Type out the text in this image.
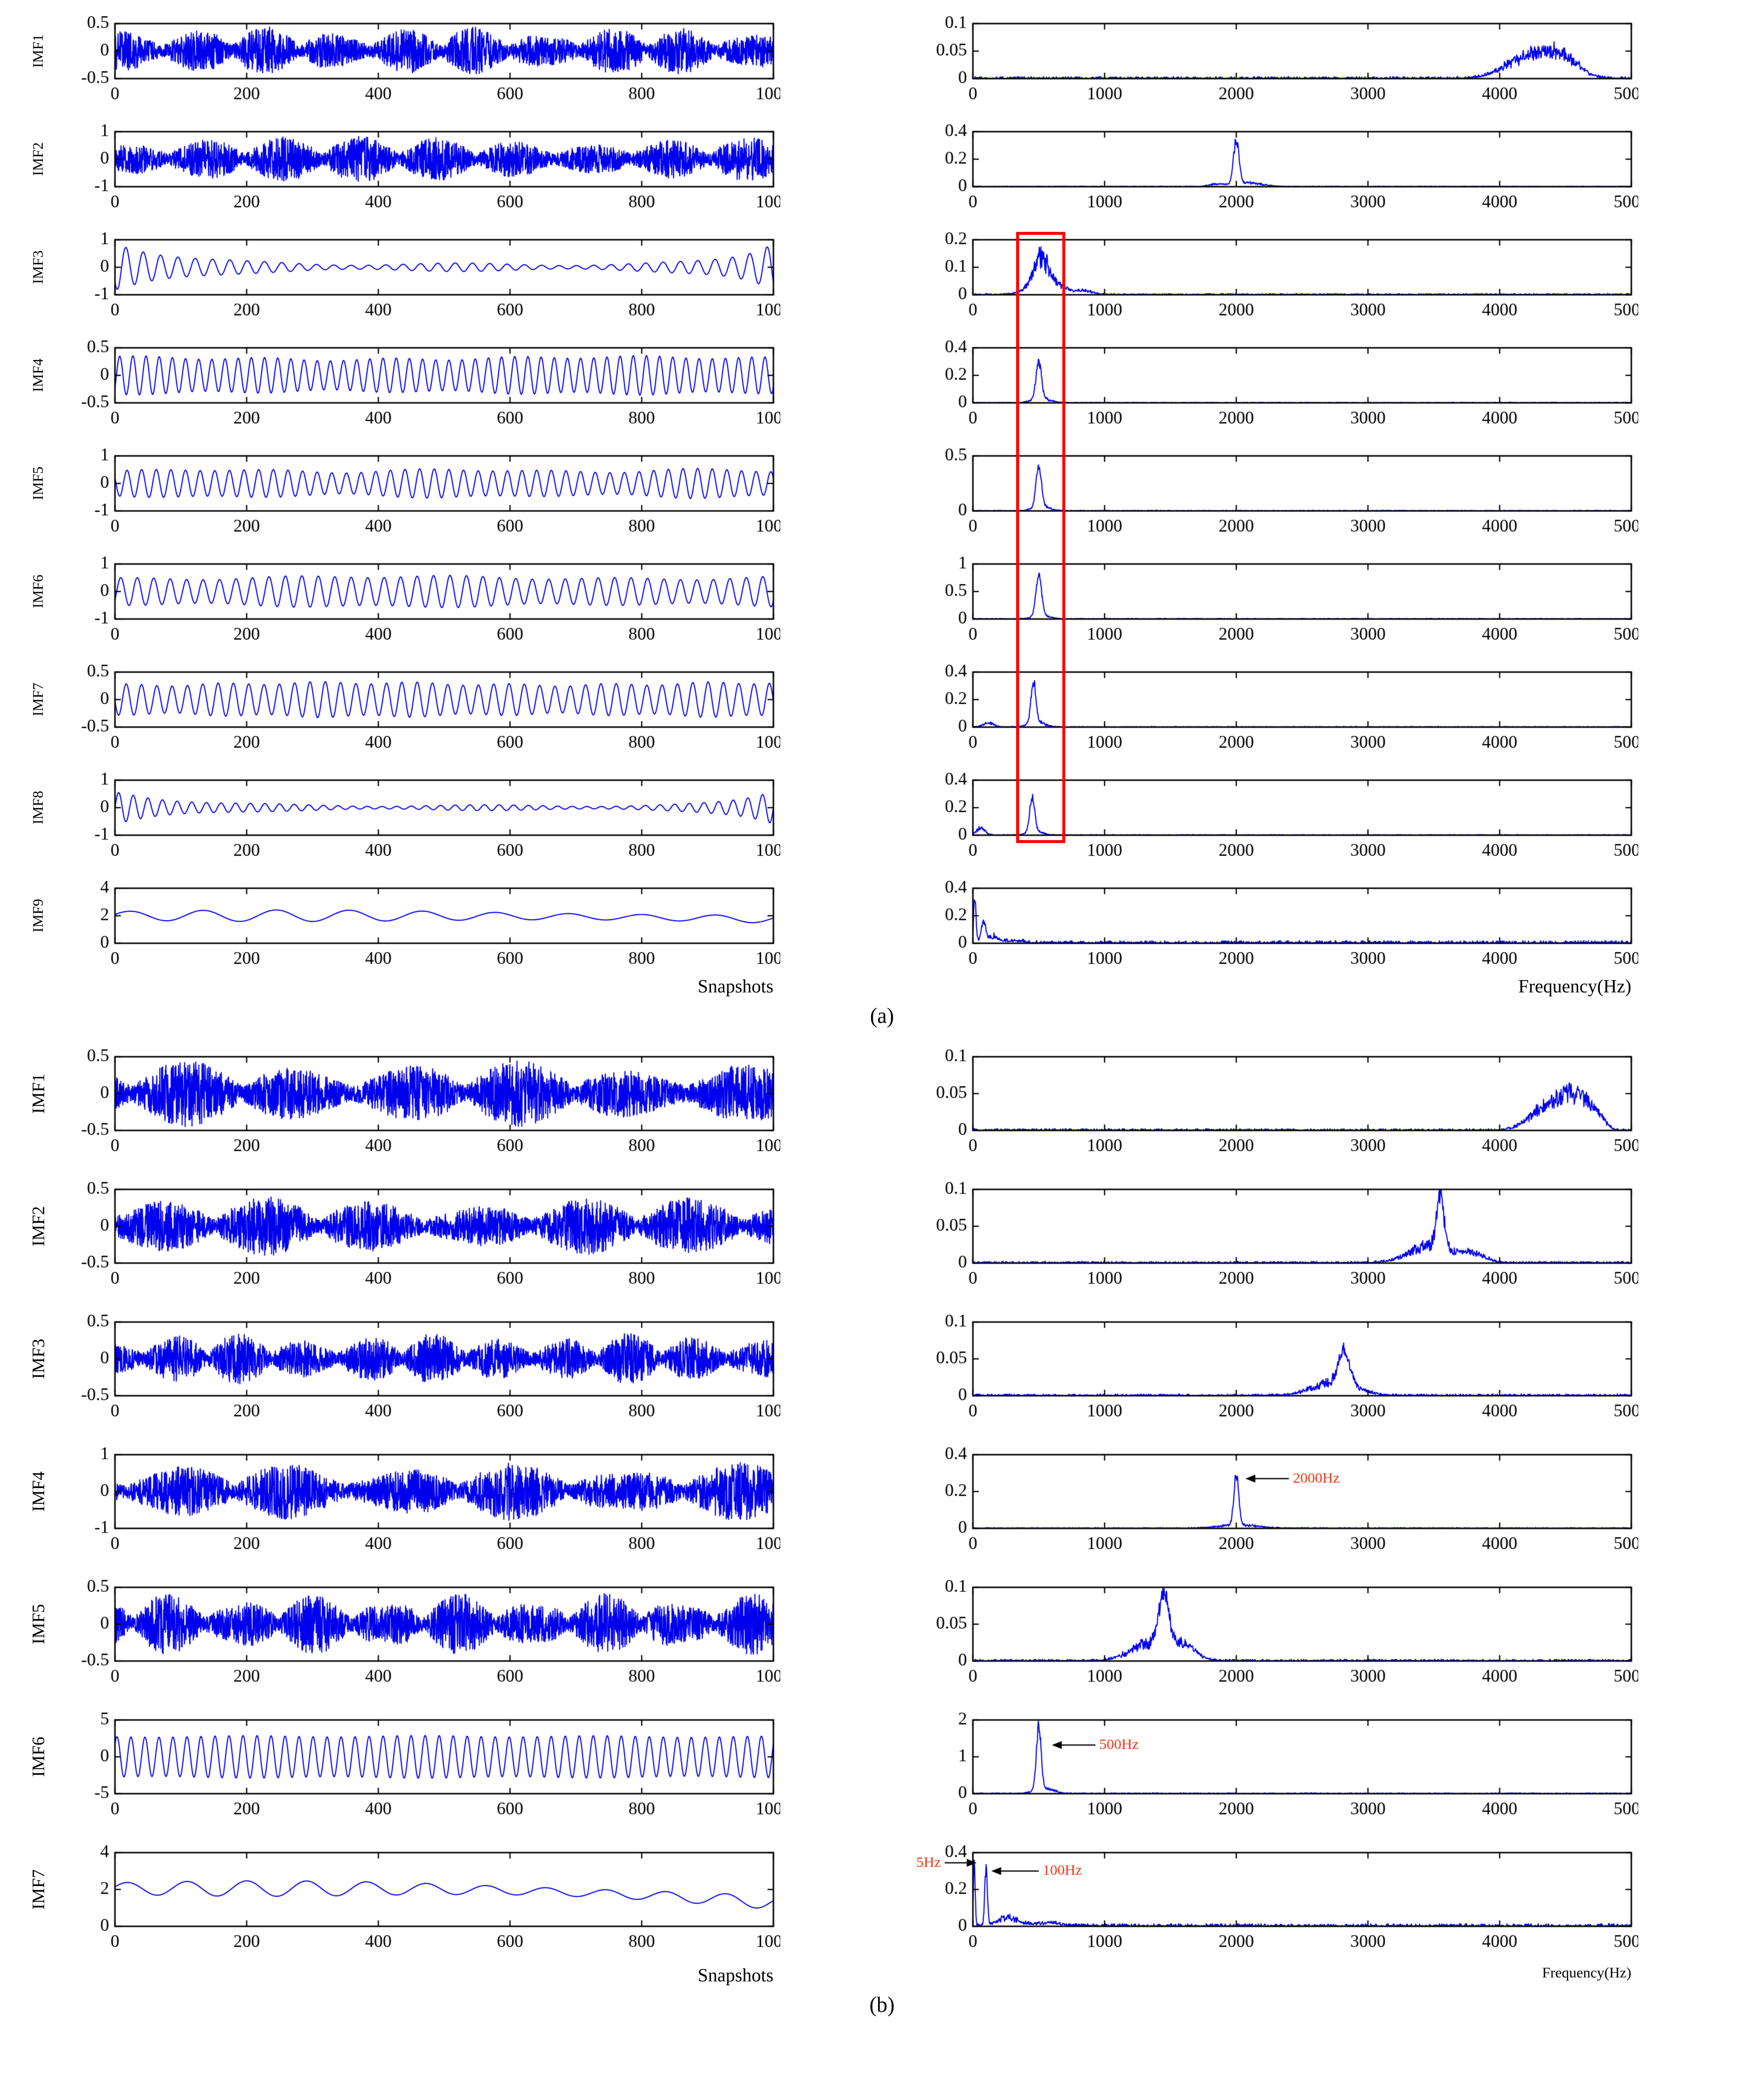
IMF1
IMF2
IMF3
IMF4
IMF5
IMF6
IMF7
IMF8
IMF9
Snapshots	Frequency(Hz)
(a)
IMF1
IMF2
IMF3
IMF4
IMF5
IMF6
IMF7
Snapshots	Frequency(Hz)
(b)
